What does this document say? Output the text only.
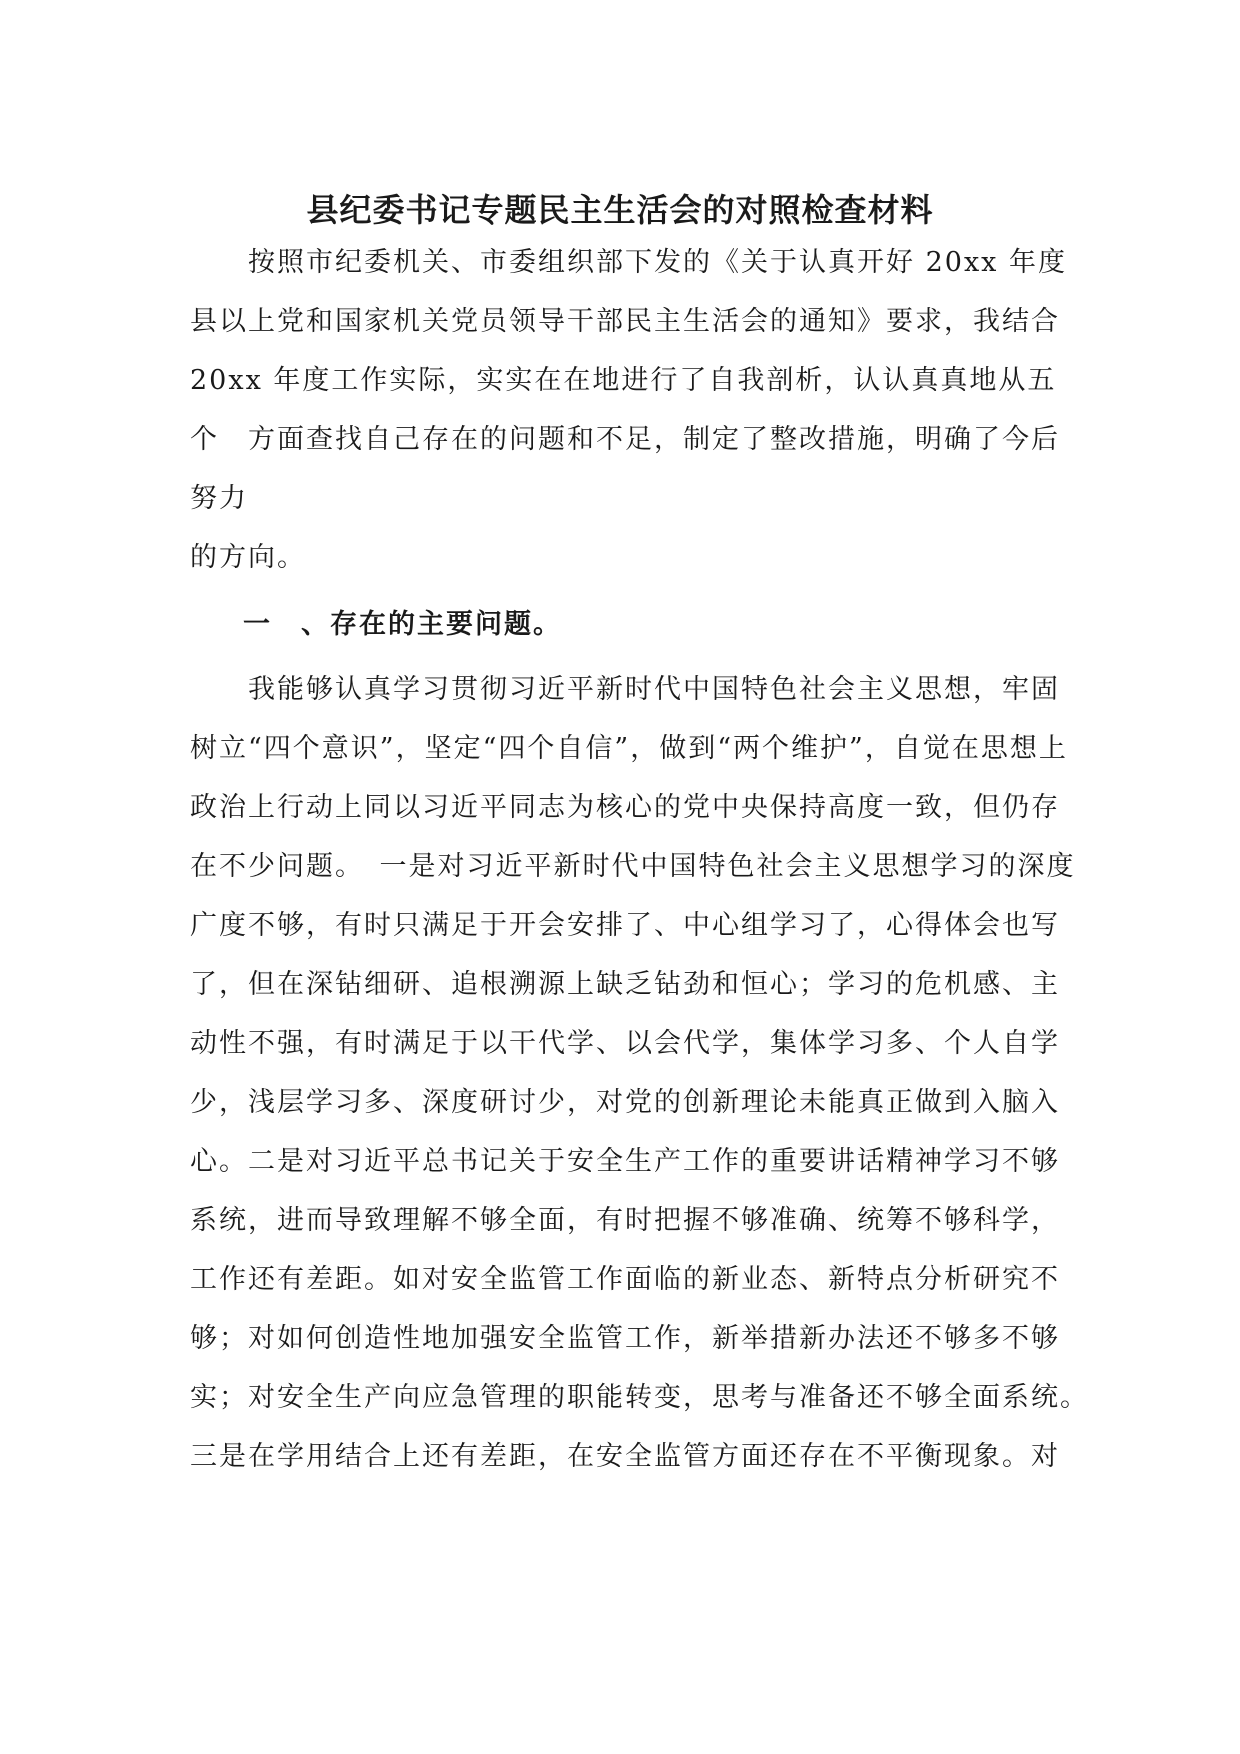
县纪委书记专题民主生活会的对照检查材料
　　按照市纪委机关、市委组织部下发的《关于认真开好 20xx 年度
县以上党和国家机关党员领导干部民主生活会的通知》要求，我结合
20xx 年度工作实际，实实在在地进行了自我剖析，认认真真地从五
个　方面查找自己存在的问题和不足，制定了整改措施，明确了今后
努力
的方向。
一　、存在的主要问题。
　　我能够认真学习贯彻习近平新时代中国特色社会主义思想，牢固
树立“四个意识”，坚定“四个自信”，做到“两个维护”，自觉在思想上
政治上行动上同以习近平同志为核心的党中央保持高度一致，但仍存
在不少问题。　一是对习近平新时代中国特色社会主义思想学习的深度
广度不够，有时只满足于开会安排了、中心组学习了，心得体会也写
了，但在深钻细研、追根溯源上缺乏钻劲和恒心；学习的危机感、主
动性不强，有时满足于以干代学、以会代学，集体学习多、个人自学
少，浅层学习多、深度研讨少，对党的创新理论未能真正做到入脑入
心。二是对习近平总书记关于安全生产工作的重要讲话精神学习不够
系统，进而导致理解不够全面，有时把握不够准确、统筹不够科学，
工作还有差距。如对安全监管工作面临的新业态、新特点分析研究不
够；对如何创造性地加强安全监管工作，新举措新办法还不够多不够
实；对安全生产向应急管理的职能转变，思考与准备还不够全面系统。
三是在学用结合上还有差距，在安全监管方面还存在不平衡现象。对
